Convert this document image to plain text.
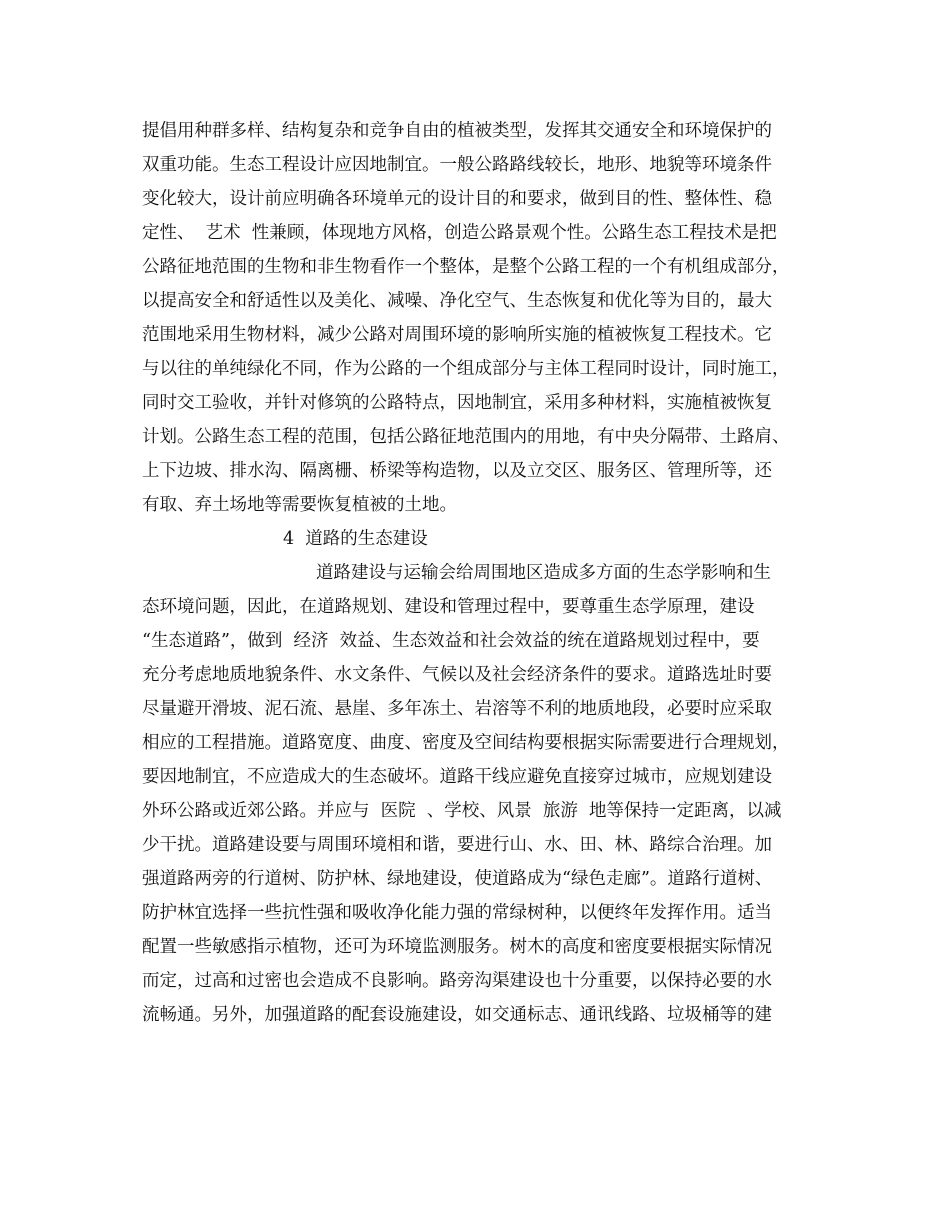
提倡用种群多样、结构复杂和竞争自由的植被类型，发挥其交通安全和环境保护的
双重功能。生态工程设计应因地制宜。一般公路路线较长，地形、地貌等环境条件
变化较大，设计前应明确各环境单元的设计目的和要求，做到目的性、整体性、稳
定性、  艺术  性兼顾，体现地方风格，创造公路景观个性。公路生态工程技术是把
公路征地范围的生物和非生物看作一个整体，是整个公路工程的一个有机组成部分，
以提高安全和舒适性以及美化、减噪、净化空气、生态恢复和优化等为目的，最大
范围地采用生物材料，减少公路对周围环境的影响所实施的植被恢复工程技术。它
与以往的单纯绿化不同，作为公路的一个组成部分与主体工程同时设计，同时施工，
同时交工验收，并针对修筑的公路特点，因地制宜，采用多种材料，实施植被恢复
计划。公路生态工程的范围，包括公路征地范围内的用地，有中央分隔带、土路肩、
上下边坡、排水沟、隔离栅、桥梁等构造物，以及立交区、服务区、管理所等，还
有取、弃土场地等需要恢复植被的土地。
4  道路的生态建设
道路建设与运输会给周围地区造成多方面的生态学影响和生
态环境问题，因此，在道路规划、建设和管理过程中，要尊重生态学原理，建设
“生态道路”，做到  经济  效益、生态效益和社会效益的统在道路规划过程中，要
充分考虑地质地貌条件、水文条件、气候以及社会经济条件的要求。道路选址时要
尽量避开滑坡、泥石流、悬崖、多年冻土、岩溶等不利的地质地段，必要时应采取
相应的工程措施。道路宽度、曲度、密度及空间结构要根据实际需要进行合理规划，
要因地制宜，不应造成大的生态破坏。道路干线应避免直接穿过城市，应规划建设
外环公路或近郊公路。并应与  医院  、学校、风景  旅游  地等保持一定距离，以减
少干扰。道路建设要与周围环境相和谐，要进行山、水、田、林、路综合治理。加
强道路两旁的行道树、防护林、绿地建设，使道路成为“绿色走廊”。道路行道树、
防护林宜选择一些抗性强和吸收净化能力强的常绿树种，以便终年发挥作用。适当
配置一些敏感指示植物，还可为环境监测服务。树木的高度和密度要根据实际情况
而定，过高和过密也会造成不良影响。路旁沟渠建设也十分重要，以保持必要的水
流畅通。另外，加强道路的配套设施建设，如交通标志、通讯线路、垃圾桶等的建
